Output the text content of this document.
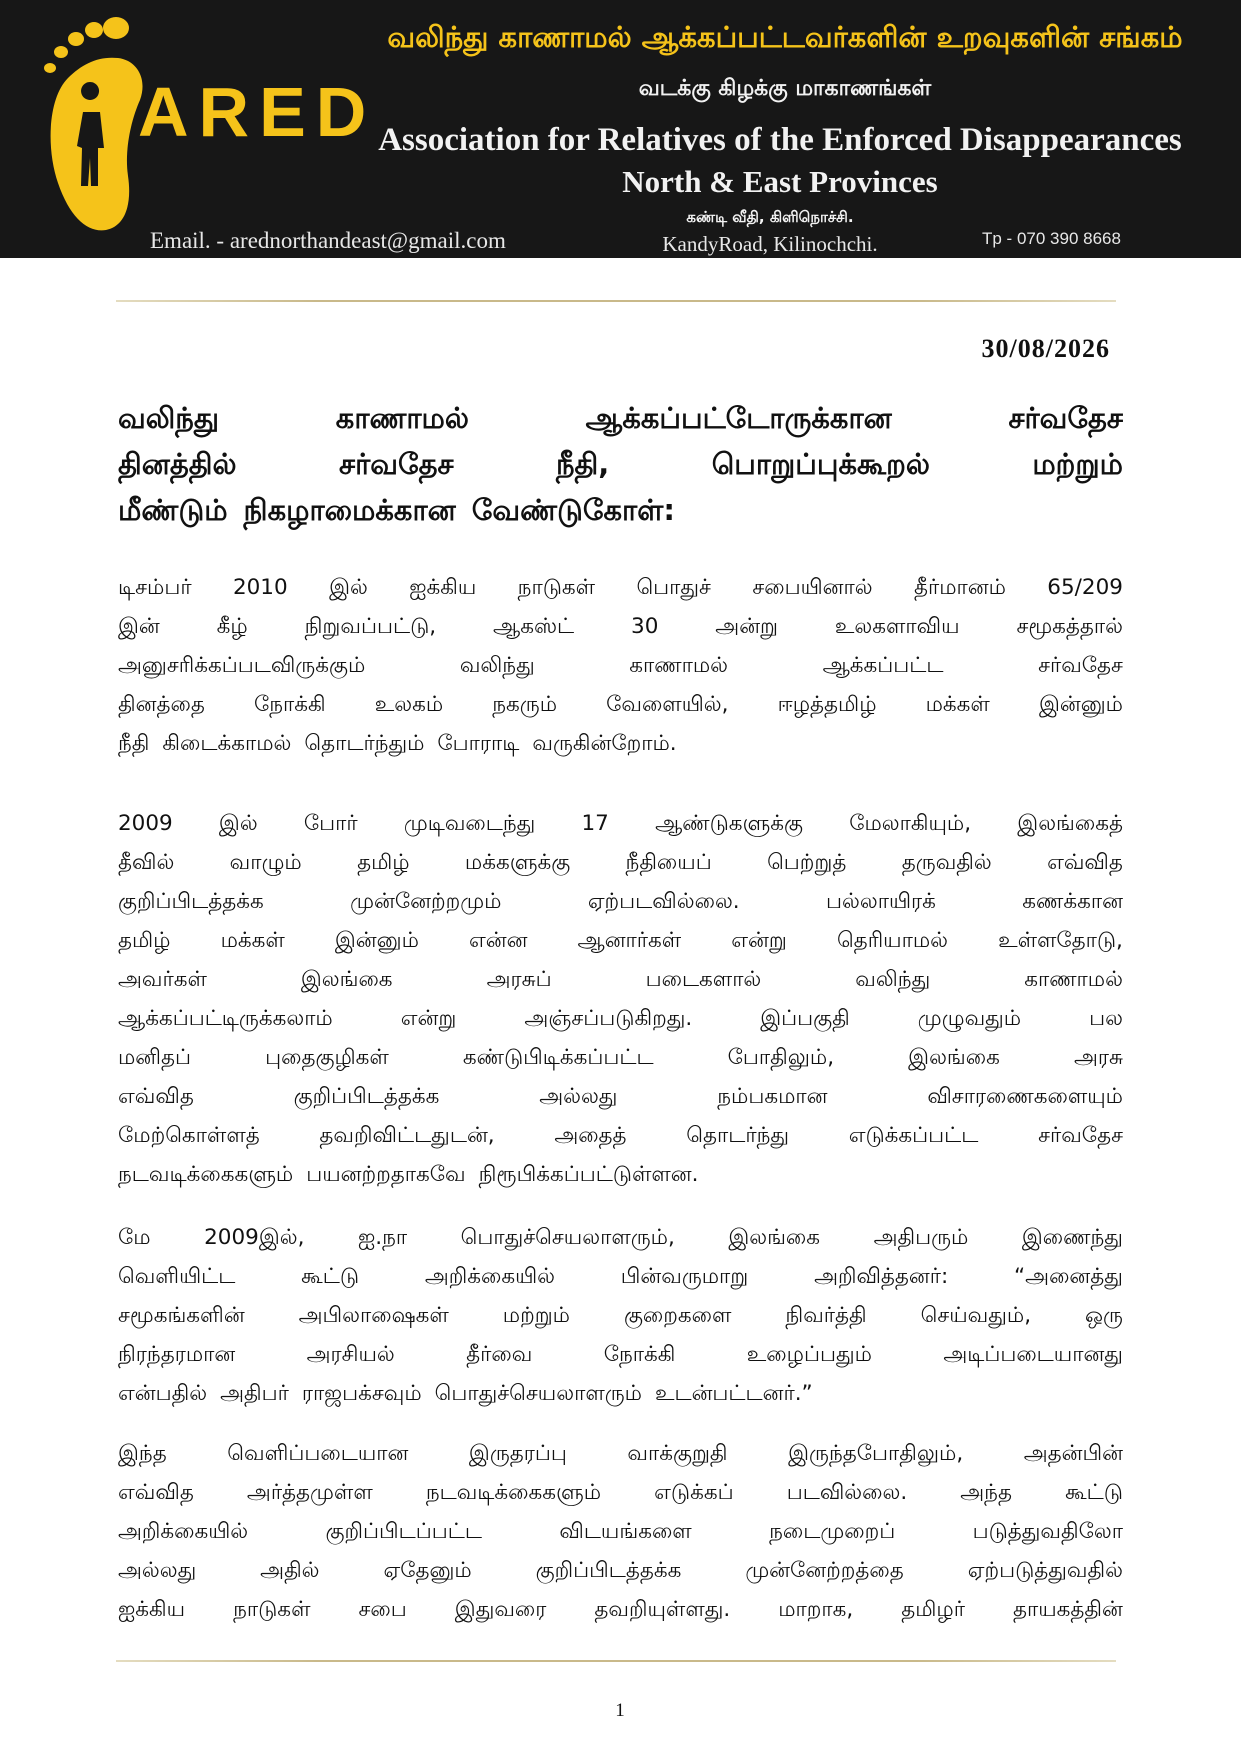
ARED
வலிந்து காணாமல் ஆக்கப்பட்டவர்களின் உறவுகளின் சங்கம்
வடக்கு கிழக்கு மாகாணங்கள்
Association for Relatives of the Enforced Disappearances
North & East Provinces
Email. - arednorthandeast@gmail.com
கண்டி வீதி, கிளிநொச்சி.
KandyRoad, Kilinochchi.	Tp - 070 390 8668
30/08/2026
வலிந்து	காணாமல்	ஆக்கப்பட்டோருக்கான	சர்வதேச
தினத்தில்	சர்வதேச	நீதி,	பொறுப்புக்கூறல்	மற்றும்
மீண்டும் நிகழாமைக்கான வேண்டுகோள்:
டிசம்பர் 2010 இல் ஐக்கிய நாடுகள் பொதுச் சபையினால் தீர்மானம் 65/209
இன்	கீழ்	நிறுவப்பட்டு,	ஆகஸ்ட்	30	அன்று	உலகளாவிய	சமூகத்தால்
அனுசரிக்கப்படவிருக்கும்	வலிந்து	காணாமல்	ஆக்கப்பட்ட	சர்வதேச
தினத்தை நோக்கி உலகம் நகரும் வேளையில், ஈழத்தமிழ் மக்கள் இன்னும்
நீதி கிடைக்காமல் தொடர்ந்தும் போராடி வருகின்றோம்.
2009 இல் போர் முடிவடைந்து 17 ஆண்டுகளுக்கு மேலாகியும், இலங்கைத்
தீவில்	வாழும்	தமிழ்	மக்களுக்கு	நீதியைப்	பெற்றுத்	தருவதில்	எவ்வித
குறிப்பிடத்தக்க	முன்னேற்றமும்	ஏற்படவில்லை.	பல்லாயிரக்	கணக்கான
தமிழ் மக்கள் இன்னும் என்ன ஆனார்கள் என்று தெரியாமல் உள்ளதோடு,
அவர்கள்	இலங்கை	அரசுப்	படைகளால்	வலிந்து	காணாமல்
ஆக்கப்பட்டிருக்கலாம்	என்று	அஞ்சப்படுகிறது.	இப்பகுதி	முழுவதும்	பல
மனிதப்	புதைகுழிகள்	கண்டுபிடிக்கப்பட்ட	போதிலும்,	இலங்கை	அரசு
எவ்வித	குறிப்பிடத்தக்க	அல்லது	நம்பகமான	விசாரணைகளையும்
மேற்கொள்ளத்	தவறிவிட்டதுடன்,	அதைத்	தொடர்ந்து	எடுக்கப்பட்ட	சர்வதேச
நடவடிக்கைகளும் பயனற்றதாகவே நிரூபிக்கப்பட்டுள்ளன.
மே 2009இல், ஐ.நா பொதுச்செயலாளரும், இலங்கை அதிபரும் இணைந்து
வெளியிட்ட	கூட்டு	அறிக்கையில்	பின்வருமாறு	அறிவித்தனர்:	“அனைத்து
சமூகங்களின்	அபிலாஷைகள்	மற்றும்	குறைகளை	நிவர்த்தி	செய்வதும்,	ஒரு
நிரந்தரமான	அரசியல்	தீர்வை	நோக்கி	உழைப்பதும்	அடிப்படையானது
என்பதில் அதிபர் ராஜபக்சவும் பொதுச்செயலாளரும் உடன்பட்டனர்.”
இந்த	வெளிப்படையான	இருதரப்பு	வாக்குறுதி	இருந்தபோதிலும்,	அதன்பின்
எவ்வித அர்த்தமுள்ள நடவடிக்கைகளும் எடுக்கப் படவில்லை. அந்த கூட்டு
அறிக்கையில்	குறிப்பிடப்பட்ட	விடயங்களை	நடைமுறைப்	படுத்துவதிலோ
அல்லது	அதில்	ஏதேனும்	குறிப்பிடத்தக்க	முன்னேற்றத்தை	ஏற்படுத்துவதில்
ஐக்கிய நாடுகள் சபை இதுவரை தவறியுள்ளது. மாறாக, தமிழர் தாயகத்தின்
1
